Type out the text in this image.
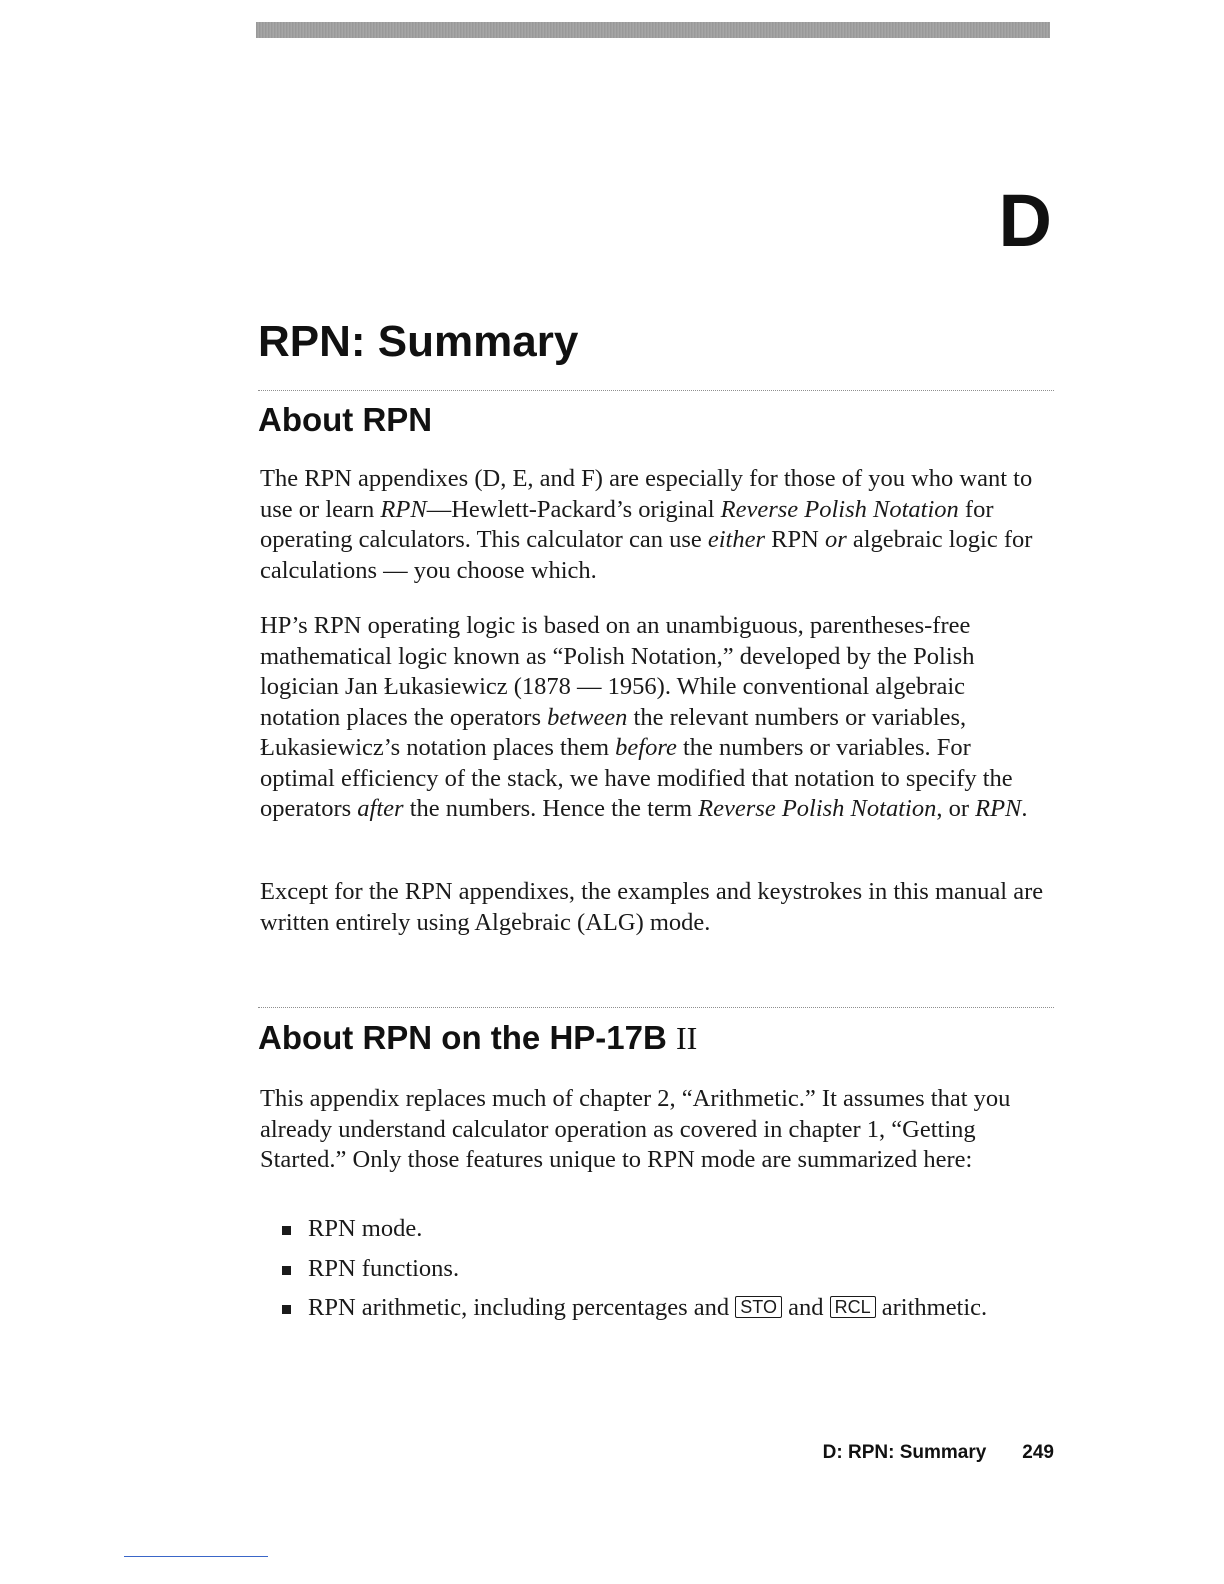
D
RPN: Summary
About RPN

The RPN appendixes (D, E, and F) are especially for those of you who want to use or learn RPN—Hewlett-Packard’s original Reverse Polish Notation for operating calculators. This calculator can use either RPN or algebraic logic for calculations — you choose which.

HP’s RPN operating logic is based on an unambiguous, parentheses-free mathematical logic known as “Polish Notation,” developed by the Polish logician Jan Łukasiewicz (1878 — 1956). While conventional algebraic notation places the operators between the relevant numbers or variables, Łukasiewicz’s notation places them before the numbers or variables. For optimal efficiency of the stack, we have modified that notation to specify the operators after the numbers. Hence the term Reverse Polish Notation, or RPN.

Except for the RPN appendixes, the examples and keystrokes in this manual are written entirely using Algebraic (ALG) mode.

About RPN on the HP-17B II

This appendix replaces much of chapter 2, “Arithmetic.” It assumes that you already understand calculator operation as covered in chapter 1, “Getting Started.” Only those features unique to RPN mode are summarized here:

RPN mode.
RPN functions.
RPN arithmetic, including percentages and STO and RCL arithmetic.
D: RPN: Summary 249
